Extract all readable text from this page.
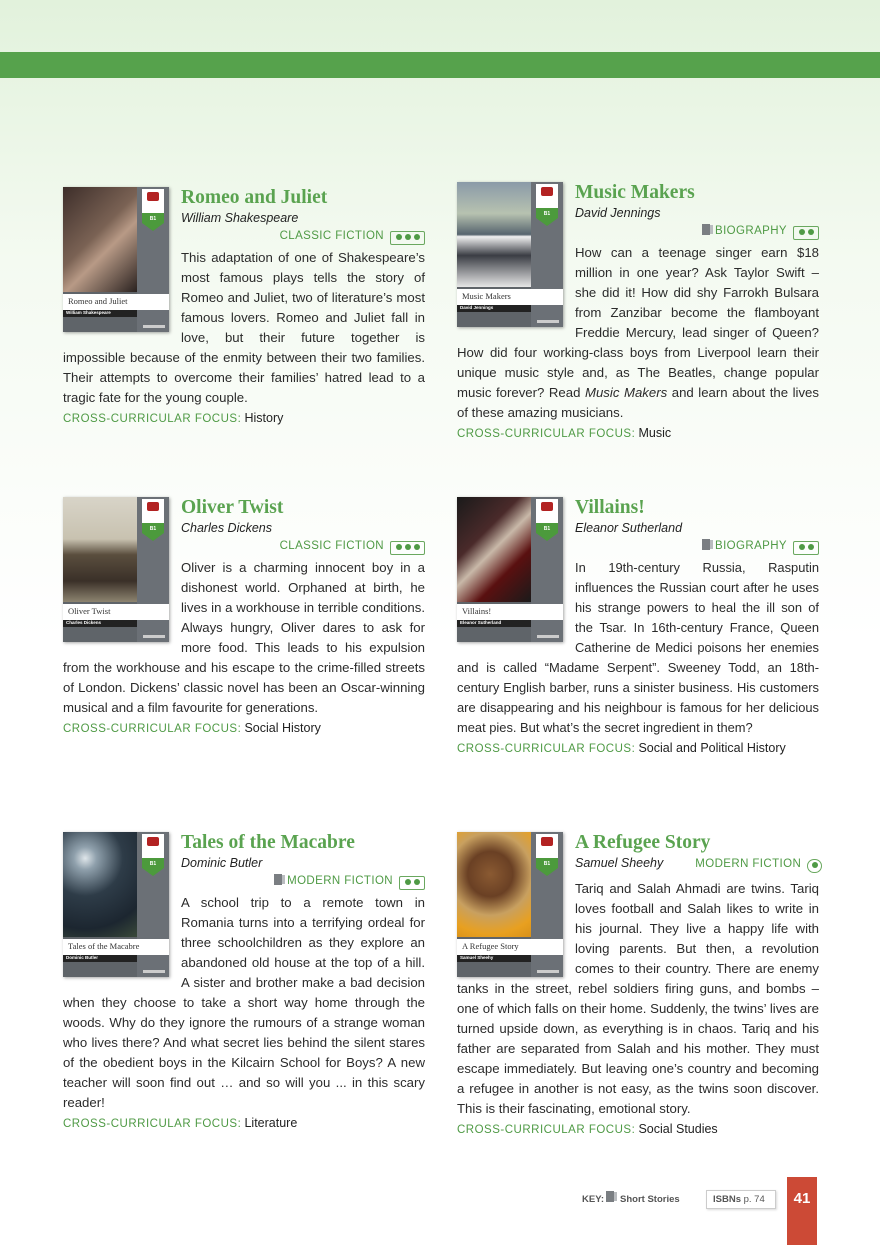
B1
Romeo and Juliet
William Shakespeare

Romeo and Juliet

William Shakespeare

CLASSIC FICTION

This adaptation of one of Shakespeare’s most famous plays tells the story of Romeo and Juliet, two of literature’s most famous lovers. Romeo and Juliet fall in love, but their future together is impossible because of the enmity between their two families. Their attempts to overcome their families’ hatred lead to a tragic fate for the young couple.

CROSS-CURRICULAR FOCUS: History

B1
Music Makers
David Jennings

Music Makers

David Jennings

BIOGRAPHY

How can a teenage singer earn $18 million in one year? Ask Taylor Swift – she did it! How did shy Farrokh Bulsara from Zanzibar become the flamboyant Freddie Mercury, lead singer of Queen? How did four working-class boys from Liverpool learn their unique music style and, as The Beatles, change popular music forever? Read Music Makers and learn about the lives of these amazing musicians.

CROSS-CURRICULAR FOCUS: Music

B1
Oliver Twist
Charles Dickens

Oliver Twist

Charles Dickens

CLASSIC FICTION

Oliver is a charming innocent boy in a dishonest world. Orphaned at birth, he lives in a workhouse in terrible conditions. Always hungry, Oliver dares to ask for more food. This leads to his expulsion from the workhouse and his escape to the crime-filled streets of London. Dickens’ classic novel has been an Oscar-winning musical and a film favourite for generations.

CROSS-CURRICULAR FOCUS: Social History

B1
Villains!
Eleanor Sutherland

Villains!

Eleanor Sutherland

BIOGRAPHY

In 19th-century Russia, Rasputin influences the Russian court after he uses his strange powers to heal the ill son of the Tsar. In 16th-century France, Queen Catherine de Medici poisons her enemies and is called “Madame Serpent”. Sweeney Todd, an 18th-century English barber, runs a sinister business. His customers are disappearing and his neighbour is famous for her delicious meat pies. But what’s the secret ingredient in them?

CROSS-CURRICULAR FOCUS: Social and Political History

B1
Tales of the Macabre
Dominic Butler

Tales of the Macabre

Dominic Butler

MODERN FICTION

A school trip to a remote town in Romania turns into a terrifying ordeal for three schoolchildren as they explore an abandoned old house at the top of a hill. A sister and brother make a bad decision when they choose to take a short way home through the woods. Why do they ignore the rumours of a strange woman who lives there? And what secret lies behind the silent stares of the obedient boys in the Kilcairn School for Boys? A new teacher will soon find out … and so will you ... in this scary reader!

CROSS-CURRICULAR FOCUS: Literature

B1
A Refugee Story
Samuel Sheehy

A Refugee Story

Samuel Sheehy	MODERN FICTION

Tariq and Salah Ahmadi are twins. Tariq loves football and Salah likes to write in his journal. They live a happy life with loving parents. But then, a revolution comes to their country. There are enemy tanks in the street, rebel soldiers firing guns, and bombs – one of which falls on their home. Suddenly, the twins’ lives are turned upside down, as everything is in chaos. Tariq and his father are separated from Salah and his mother. They must escape immediately. But leaving one’s country and becoming a refugee in another is not easy, as the twins soon discover. This is their fascinating, emotional story.

CROSS-CURRICULAR FOCUS: Social Studies

KEY: Short Stories	ISBNs p. 74	41
